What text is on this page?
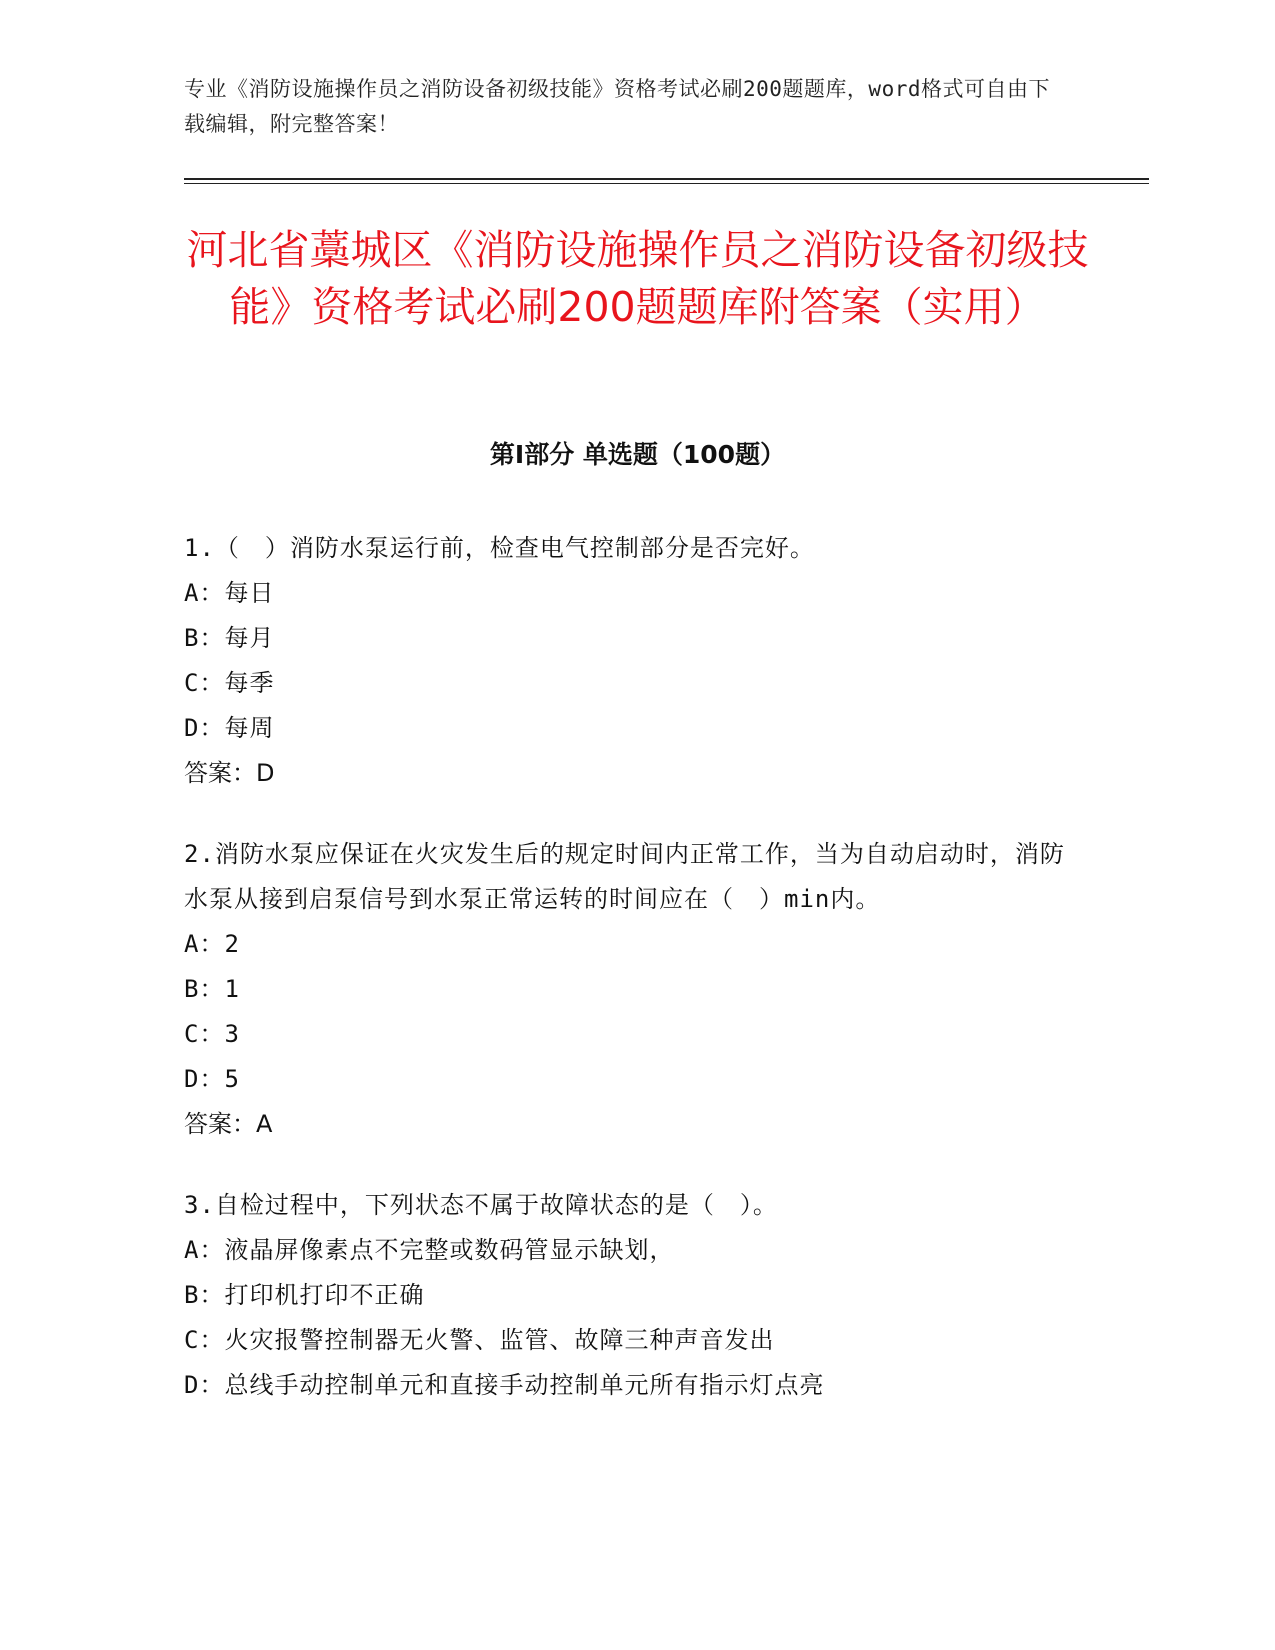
专业《消防设施操作员之消防设备初级技能》资格考试必刷200题题库，word格式可自由下载编辑，附完整答案！
河北省藁城区《消防设施操作员之消防设备初级技能》资格考试必刷200题题库附答案（实用）
第Ⅰ部分 单选题（100题）
1.（　）消防水泵运行前，检查电气控制部分是否完好。
A：每日
B：每月
C：每季
D：每周
答案：D
2.消防水泵应保证在火灾发生后的规定时间内正常工作，当为自动启动时，消防水泵从接到启泵信号到水泵正常运转的时间应在（　）min内。
A：2
B：1
C：3
D：5
答案：A
3.自检过程中，下列状态不属于故障状态的是（　）。
A：液晶屏像素点不完整或数码管显示缺划，
B：打印机打印不正确
C：火灾报警控制器无火警、监管、故障三种声音发出
D：总线手动控制单元和直接手动控制单元所有指示灯点亮
